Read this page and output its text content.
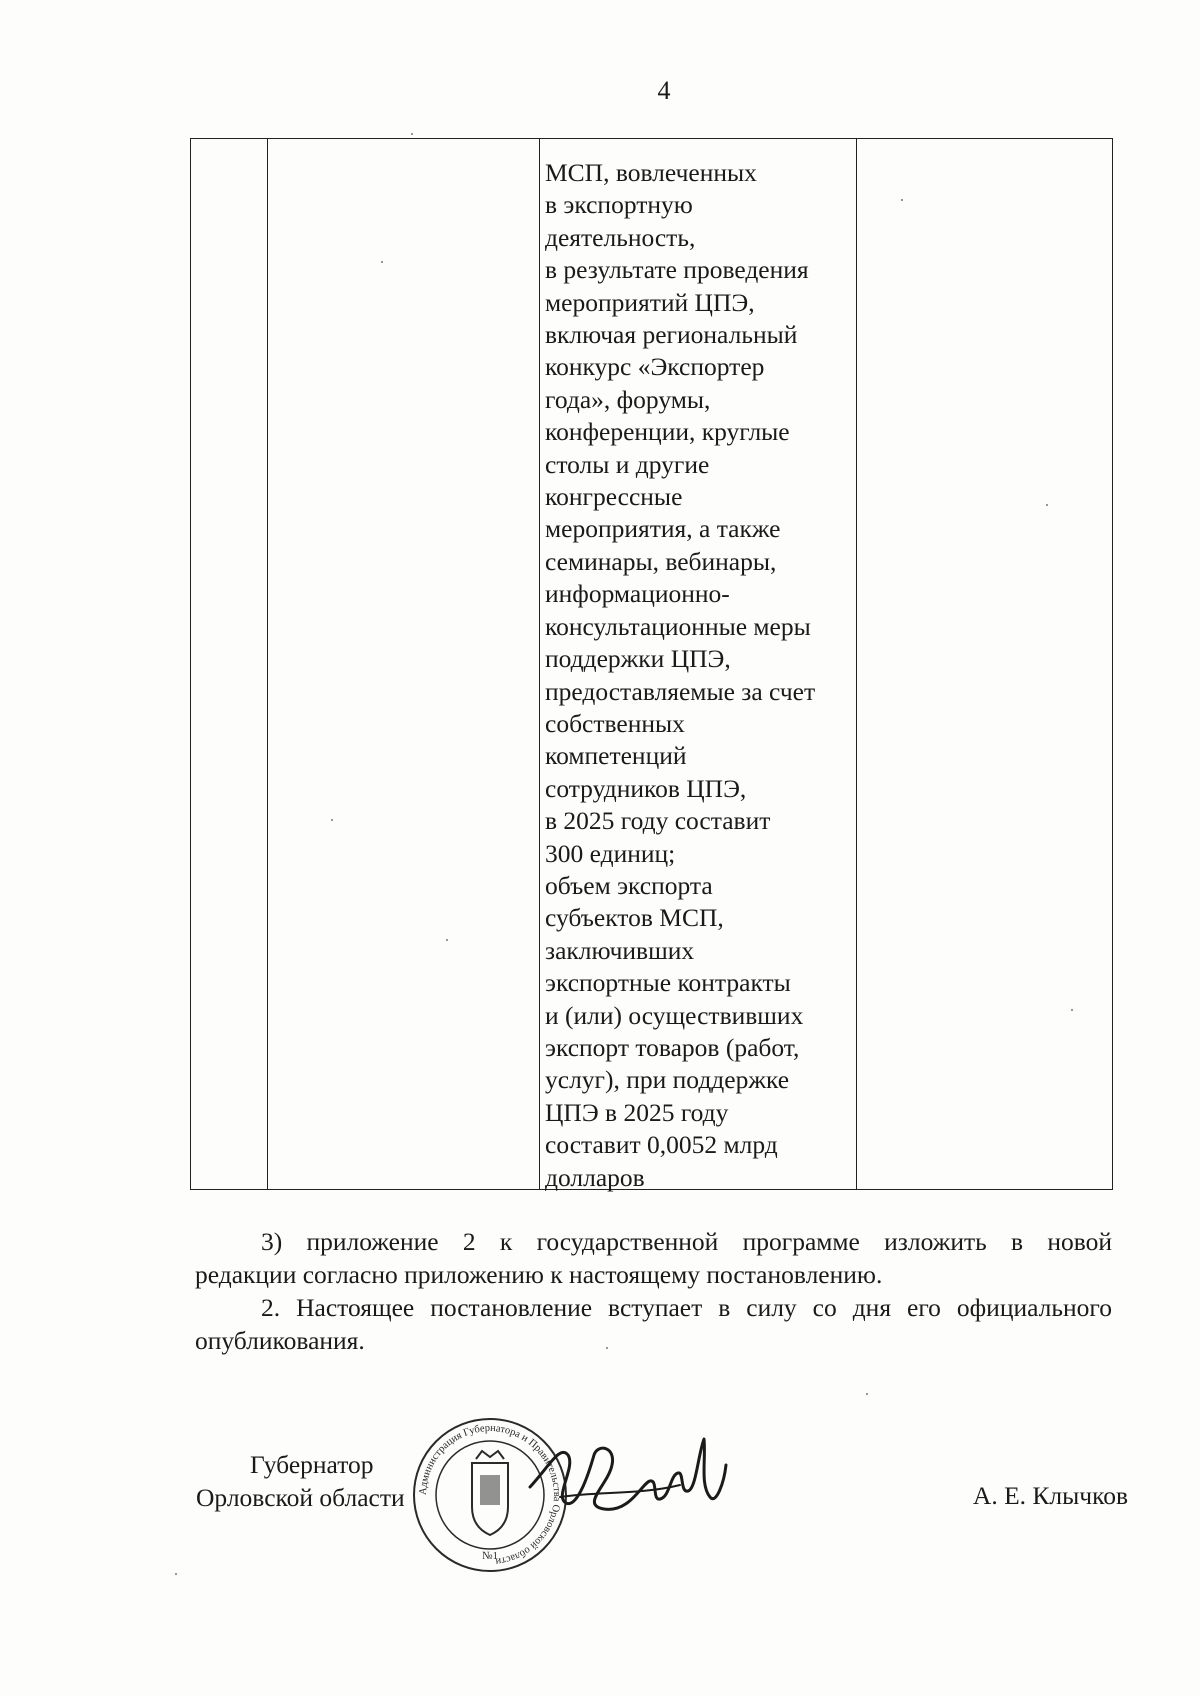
4
МСП, вовлеченных
в экспортную
деятельность,
в результате проведения
мероприятий ЦПЭ,
включая региональный
конкурс «Экспортер
года», форумы,
конференции, круглые
столы и другие
конгрессные
мероприятия, а также
семинары, вебинары,
информационно-
консультационные меры
поддержки ЦПЭ,
предоставляемые за счет
собственных
компетенций
сотрудников ЦПЭ,
в 2025 году составит
300 единиц;
объем экспорта
субъектов МСП,
заключивших
экспортные контракты
и (или) осуществивших
экспорт товаров (работ,
услуг), при поддержке
ЦПЭ в 2025 году
составит 0,0052 млрд
долларов
3) приложение 2 к государственной программе изложить в новой
редакции согласно приложению к настоящему постановлению.
2. Настоящее постановление вступает в силу со дня его официального
опубликования.
Губернатор
Орловской области Администрация Губернатора и Правительства Орловской области
№1
А. Е. Клычков
